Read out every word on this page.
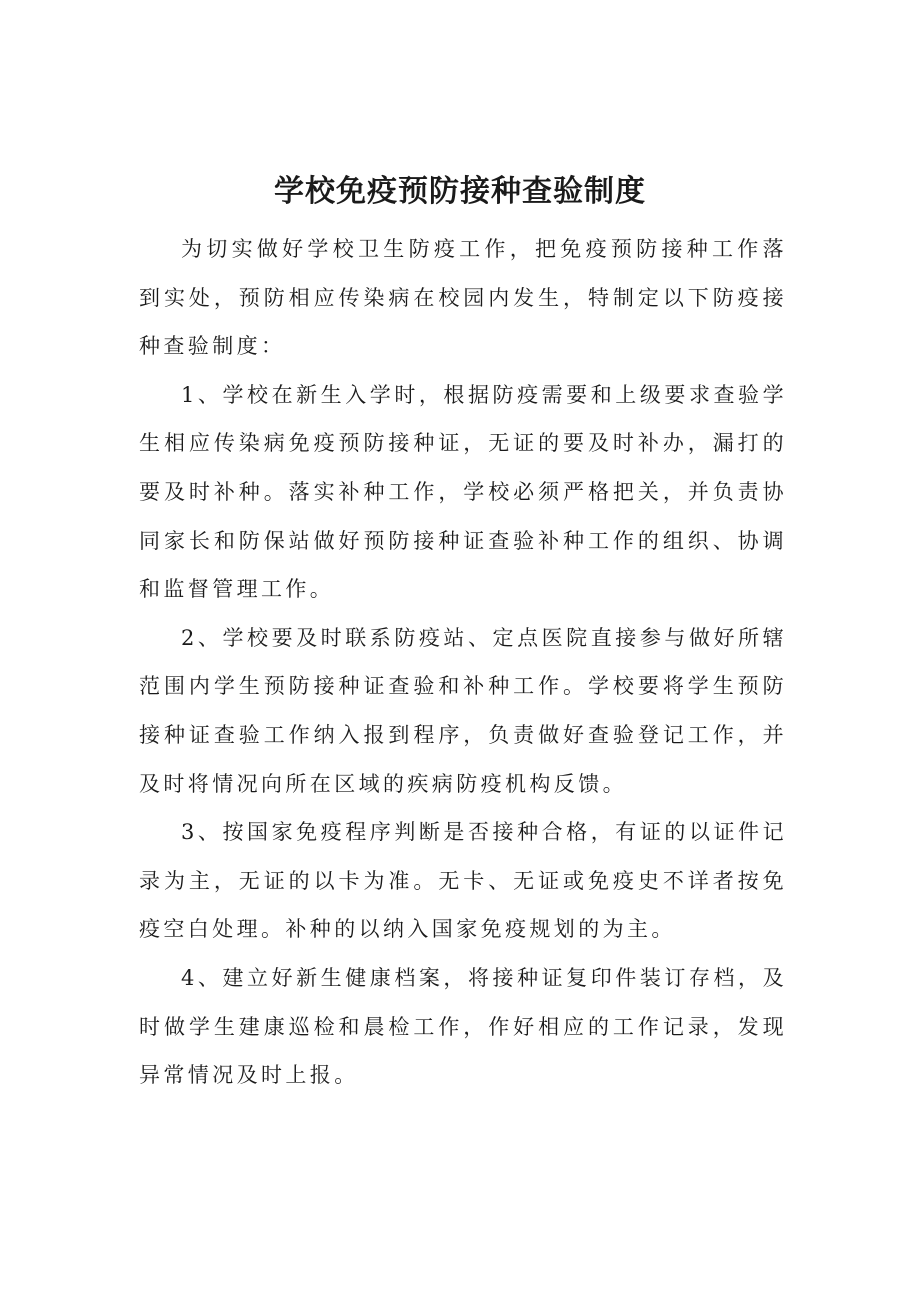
学校免疫预防接种查验制度

为切实做好学校卫生防疫工作，把免疫预防接种工作落到实处，预防相应传染病在校园内发生，特制定以下防疫接种查验制度：

1、学校在新生入学时，根据防疫需要和上级要求查验学生相应传染病免疫预防接种证，无证的要及时补办，漏打的要及时补种。落实补种工作，学校必须严格把关，并负责协同家长和防保站做好预防接种证查验补种工作的组织、协调和监督管理工作。

2、学校要及时联系防疫站、定点医院直接参与做好所辖范围内学生预防接种证查验和补种工作。学校要将学生预防接种证查验工作纳入报到程序，负责做好查验登记工作，并及时将情况向所在区域的疾病防疫机构反馈。

3、按国家免疫程序判断是否接种合格，有证的以证件记录为主，无证的以卡为准。无卡、无证或免疫史不详者按免疫空白处理。补种的以纳入国家免疫规划的为主。

4、建立好新生健康档案，将接种证复印件装订存档，及时做学生建康巡检和晨检工作，作好相应的工作记录，发现异常情况及时上报。
